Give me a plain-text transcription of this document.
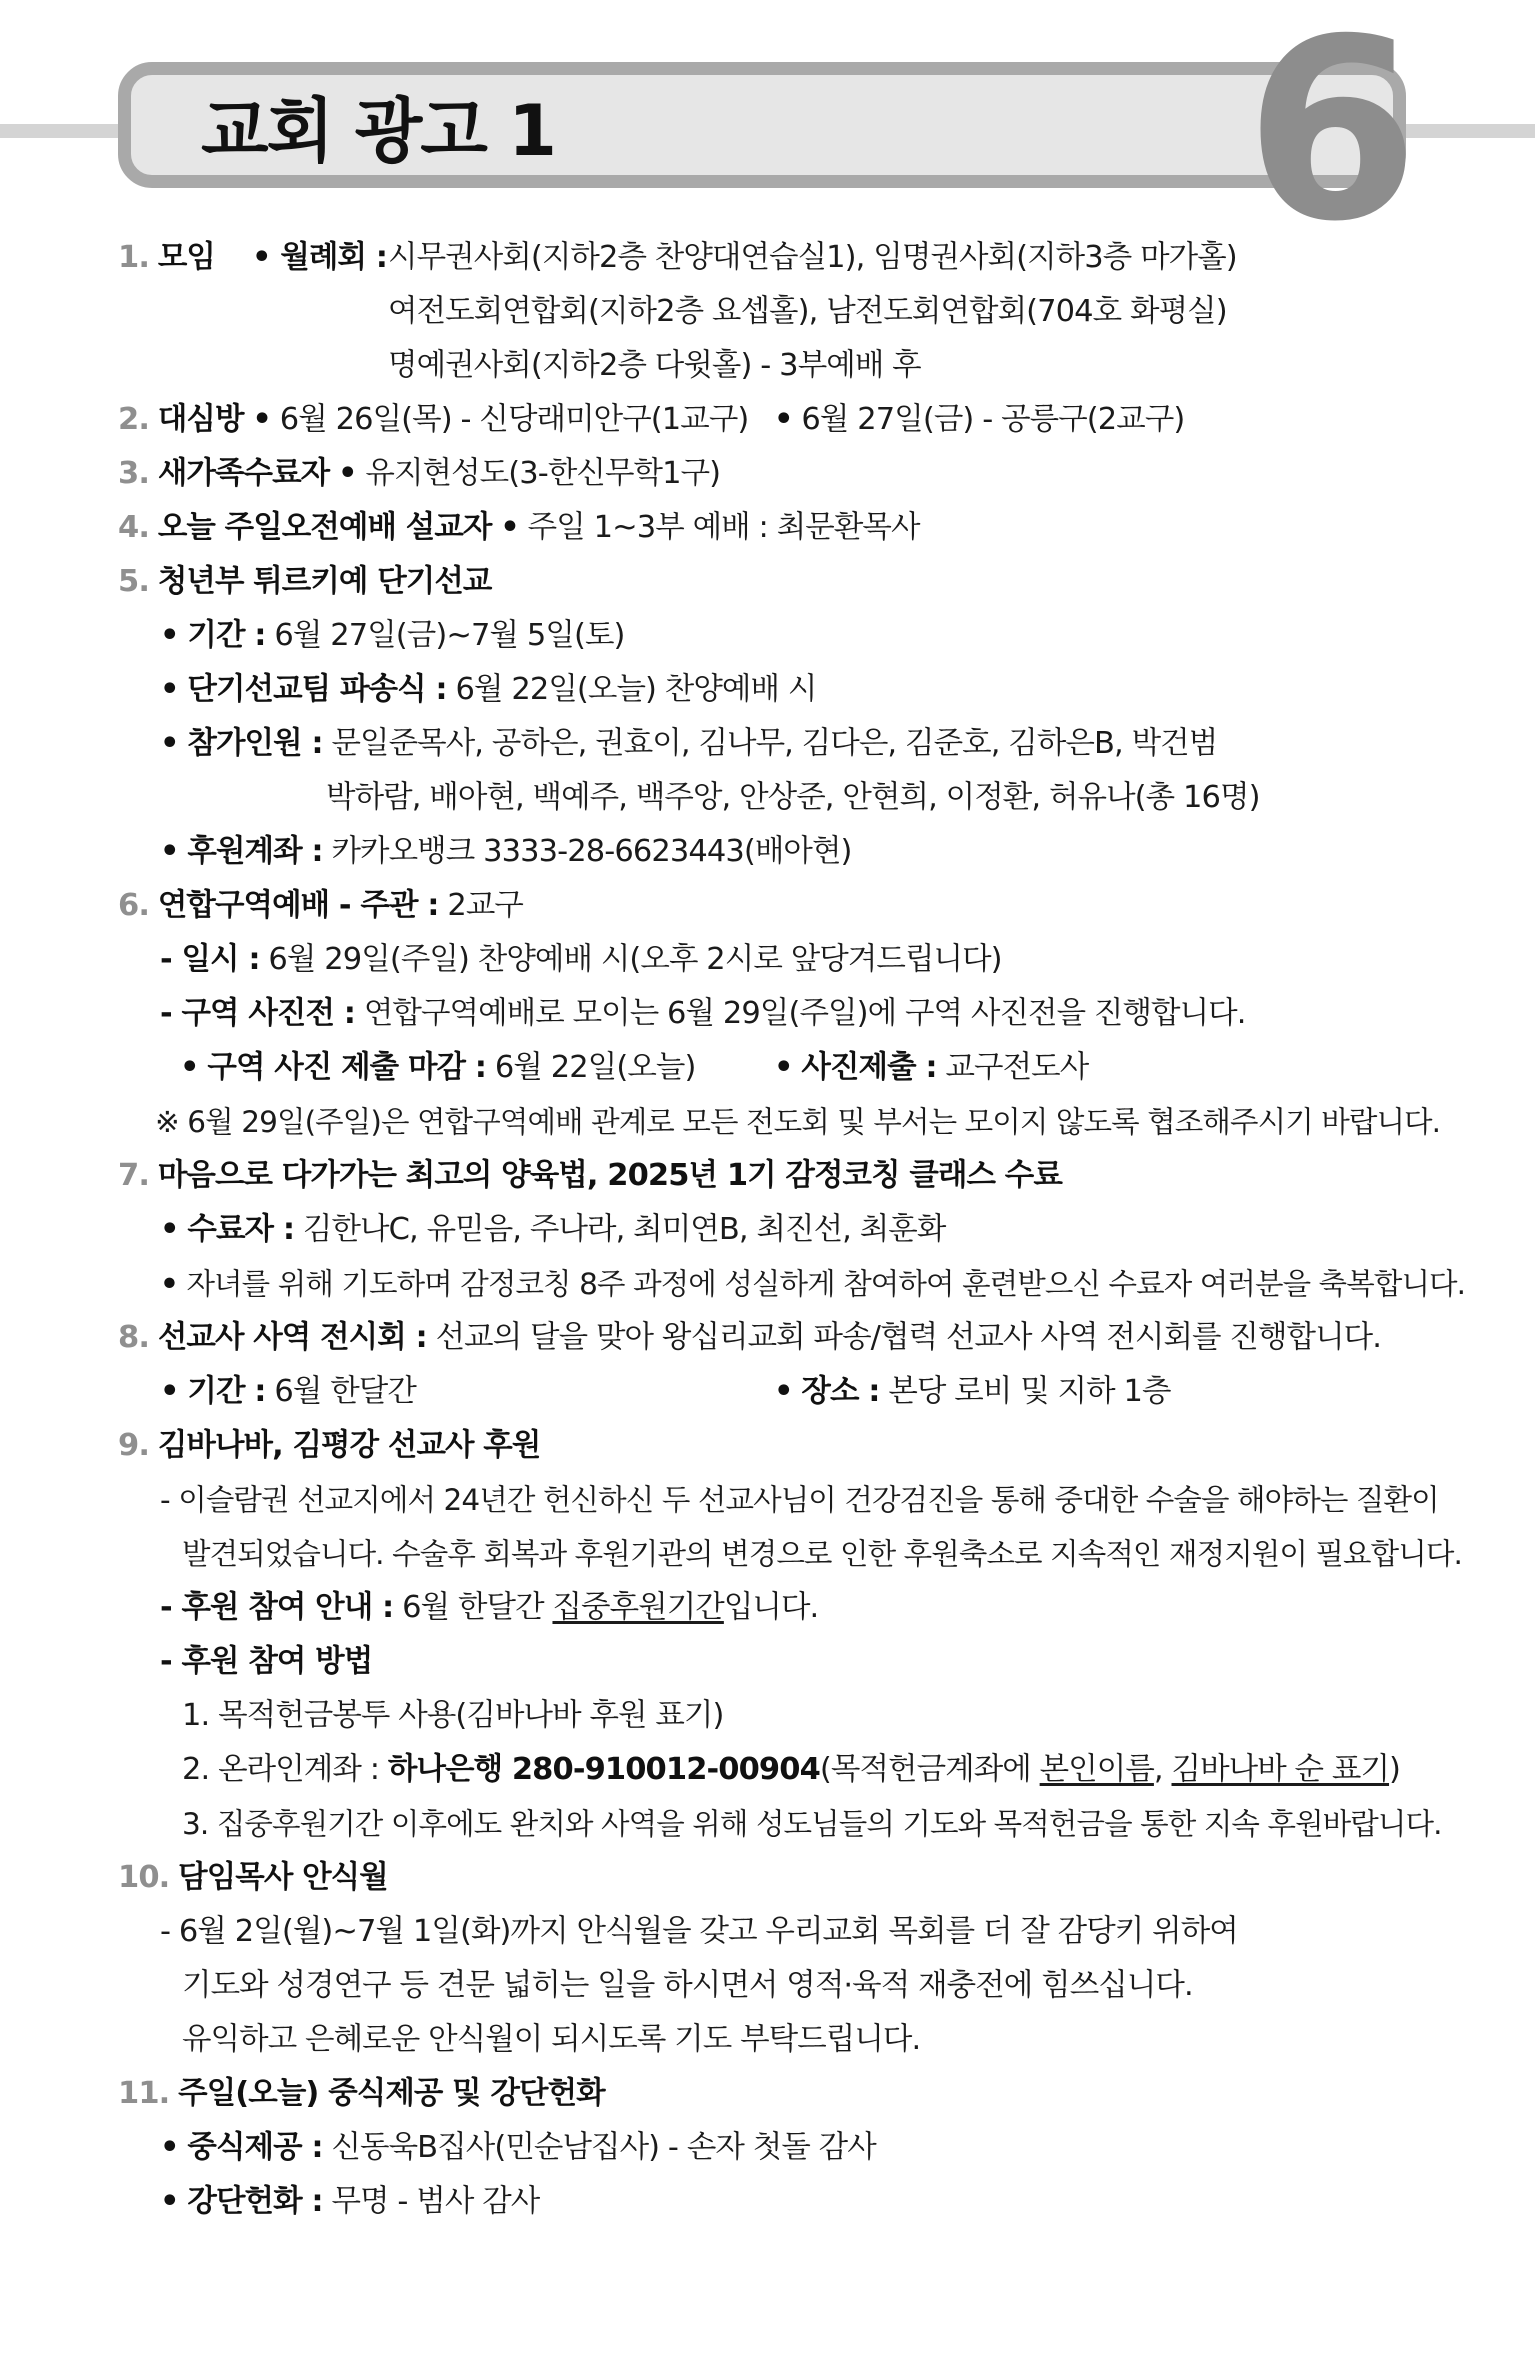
교회 광고 1	6
1. 모임 • 월례회 : 시무권사회(지하2층 찬양대연습실1), 임명권사회(지하3층 마가홀)
여전도회연합회(지하2층 요셉홀), 남전도회연합회(704호 화평실)
명예권사회(지하2층 다윗홀) - 3부예배 후
2. 대심방 • 6월 26일(목) - 신당래미안구(1교구) • 6월 27일(금) - 공릉구(2교구)
3. 새가족수료자 • 유지현성도(3-한신무학1구)
4. 오늘 주일오전예배 설교자 • 주일 1~3부 예배 : 최문환목사
5. 청년부 튀르키예 단기선교
• 기간 : 6월 27일(금)~7월 5일(토)
• 단기선교팀 파송식 : 6월 22일(오늘) 찬양예배 시
• 참가인원 : 문일준목사, 공하은, 권효이, 김나무, 김다은, 김준호, 김하은B, 박건범
박하람, 배아현, 백예주, 백주앙, 안상준, 안현희, 이정환, 허유나(총 16명)
• 후원계좌 : 카카오뱅크 3333-28-6623443(배아현)
6. 연합구역예배 - 주관 : 2교구
- 일시 : 6월 29일(주일) 찬양예배 시(오후 2시로 앞당겨드립니다)
- 구역 사진전 : 연합구역예배로 모이는 6월 29일(주일)에 구역 사진전을 진행합니다.
• 구역 사진 제출 마감 : 6월 22일(오늘)	• 사진제출 : 교구전도사
※ 6월 29일(주일)은 연합구역예배 관계로 모든 전도회 및 부서는 모이지 않도록 협조해주시기 바랍니다.
7. 마음으로 다가가는 최고의 양육법, 2025년 1기 감정코칭 클래스 수료
• 수료자 : 김한나C, 유믿음, 주나라, 최미연B, 최진선, 최훈화
• 자녀를 위해 기도하며 감정코칭 8주 과정에 성실하게 참여하여 훈련받으신 수료자 여러분을 축복합니다.
8. 선교사 사역 전시회 : 선교의 달을 맞아 왕십리교회 파송/협력 선교사 사역 전시회를 진행합니다.
• 기간 : 6월 한달간	• 장소 : 본당 로비 및 지하 1층
9. 김바나바, 김평강 선교사 후원
- 이슬람권 선교지에서 24년간 헌신하신 두 선교사님이 건강검진을 통해 중대한 수술을 해야하는 질환이
발견되었습니다. 수술후 회복과 후원기관의 변경으로 인한 후원축소로 지속적인 재정지원이 필요합니다.
- 후원 참여 안내 : 6월 한달간 집중후원기간입니다.
- 후원 참여 방법
1. 목적헌금봉투 사용(김바나바 후원 표기)
2. 온라인계좌 : 하나은행 280-910012-00904(목적헌금계좌에 본인이름, 김바나바 순 표기)
3. 집중후원기간 이후에도 완치와 사역을 위해 성도님들의 기도와 목적헌금을 통한 지속 후원바랍니다.
10. 담임목사 안식월
- 6월 2일(월)~7월 1일(화)까지 안식월을 갖고 우리교회 목회를 더 잘 감당키 위하여
기도와 성경연구 등 견문 넓히는 일을 하시면서 영적·육적 재충전에 힘쓰십니다.
유익하고 은혜로운 안식월이 되시도록 기도 부탁드립니다.
11. 주일(오늘) 중식제공 및 강단헌화
• 중식제공 : 신동욱B집사(민순남집사) - 손자 첫돌 감사
• 강단헌화 : 무명 - 범사 감사
